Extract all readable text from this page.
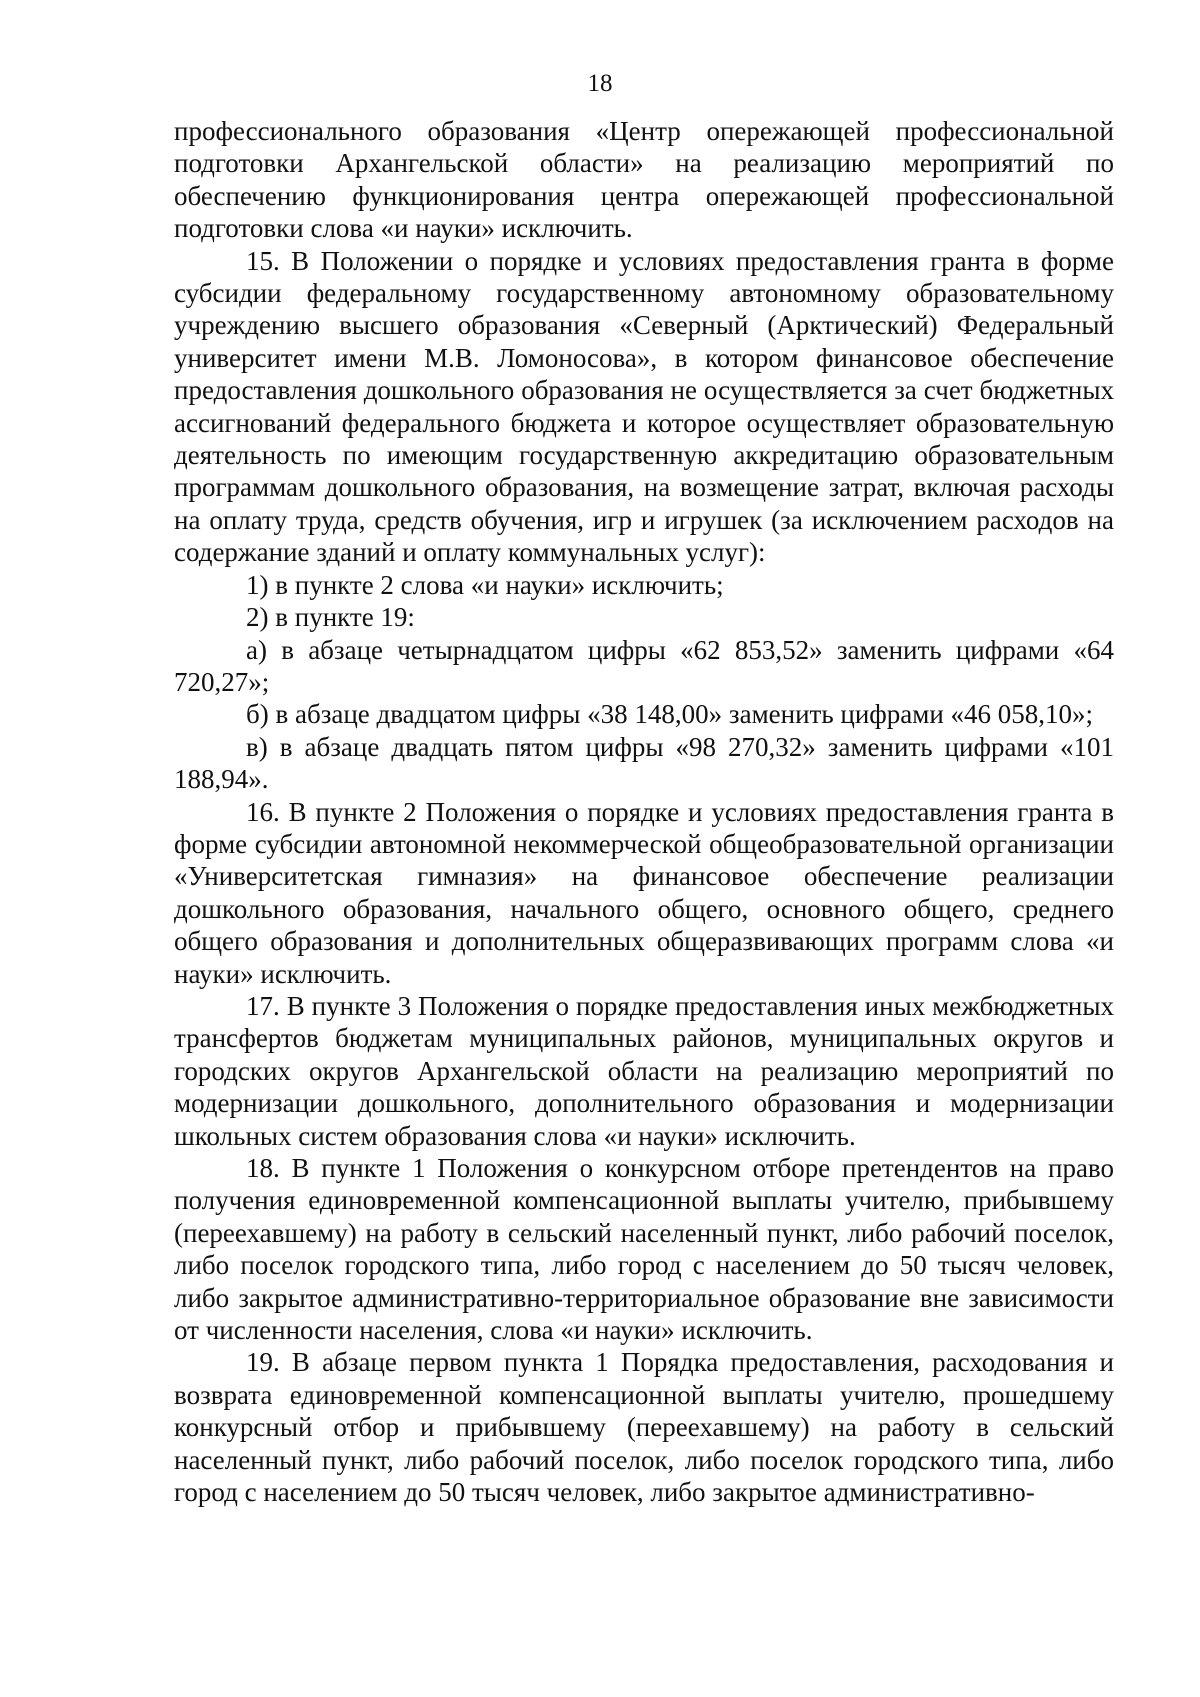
18

профессионального образования «Центр опережающей профессиональной подготовки Архангельской области» на реализацию мероприятий по обеспечению функционирования центра опережающей профессиональной подготовки слова «и науки» исключить.

15. В Положении о порядке и условиях предоставления гранта в форме субсидии федеральному государственному автономному образовательному учреждению высшего образования «Северный (Арктический) Федеральный университет имени М.В. Ломоносова», в котором финансовое обеспечение предоставления дошкольного образования не осуществляется за счет бюджетных ассигнований федерального бюджета и которое осуществляет образовательную деятельность по имеющим государственную аккредитацию образовательным программам дошкольного образования, на возмещение затрат, включая расходы на оплату труда, средств обучения, игр и игрушек (за исключением расходов на содержание зданий и оплату коммунальных услуг):

1) в пункте 2 слова «и науки» исключить;

2) в пункте 19:

а) в абзаце четырнадцатом цифры «62 853,52» заменить цифрами «64 720,27»;

б) в абзаце двадцатом цифры «38 148,00» заменить цифрами «46 058,10»;

в) в абзаце двадцать пятом цифры «98 270,32» заменить цифрами «101 188,94».

16. В пункте 2 Положения о порядке и условиях предоставления гранта в форме субсидии автономной некоммерческой общеобразовательной организации «Университетская гимназия» на финансовое обеспечение реализации дошкольного образования, начального общего, основного общего, среднего общего образования и дополнительных общеразвивающих программ слова «и науки» исключить.

17. В пункте 3 Положения о порядке предоставления иных межбюджетных трансфертов бюджетам муниципальных районов, муниципальных округов и городских округов Архангельской области на реализацию мероприятий по модернизации дошкольного, дополнительного образования и модернизации школьных систем образования слова «и науки» исключить.

18. В пункте 1 Положения о конкурсном отборе претендентов на право получения единовременной компенсационной выплаты учителю, прибывшему (переехавшему) на работу в сельский населенный пункт, либо рабочий поселок, либо поселок городского типа, либо город с населением до 50 тысяч человек, либо закрытое административно-территориальное образование вне зависимости от численности населения, слова «и науки» исключить.

19. В абзаце первом пункта 1 Порядка предоставления, расходования и возврата единовременной компенсационной выплаты учителю, прошедшему конкурсный отбор и прибывшему (переехавшему) на работу в сельский населенный пункт, либо рабочий поселок, либо поселок городского типа, либо город с населением до 50 тысяч человек, либо закрытое административно-
